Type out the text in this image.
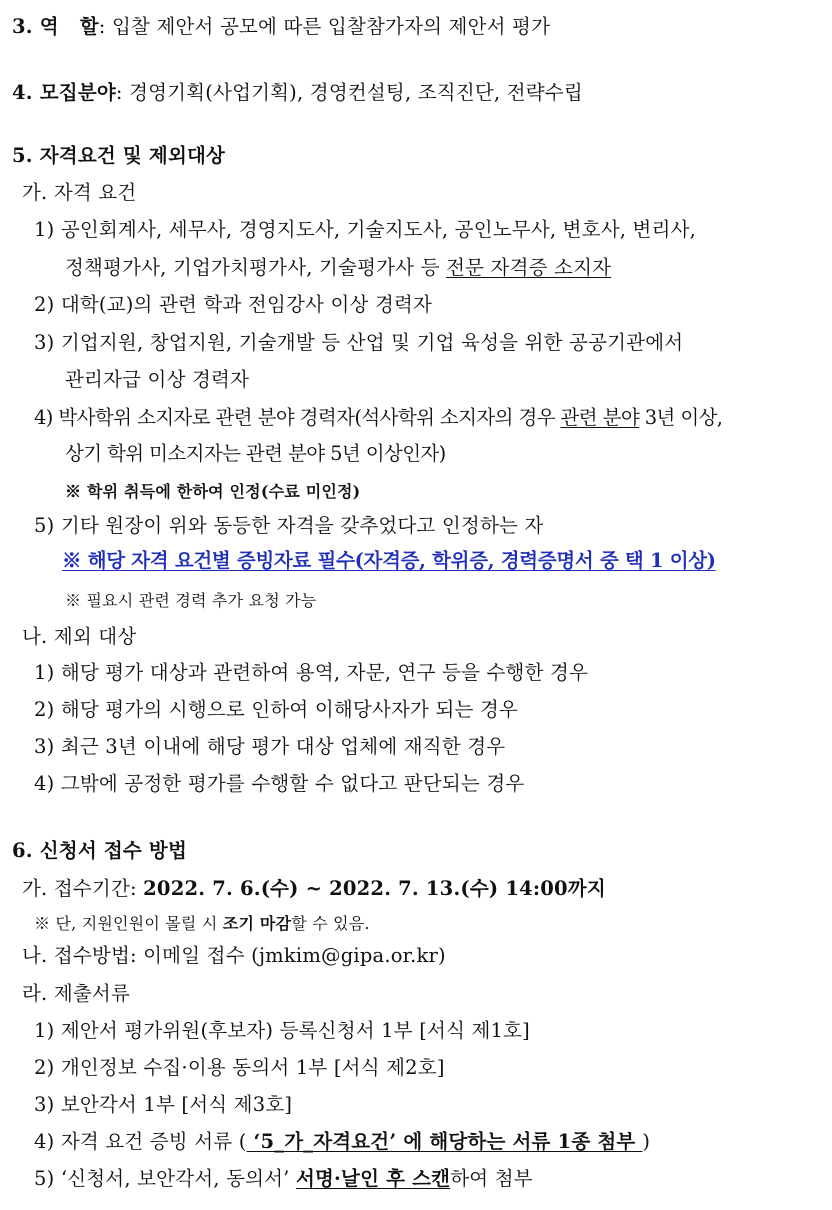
3. 역   할: 입찰 제안서 공모에 따른 입찰참가자의 제안서 평가
4. 모집분야: 경영기획(사업기획), 경영컨설팅, 조직진단, 전략수립
5. 자격요건 및 제외대상
가. 자격 요건
1) 공인회계사, 세무사, 경영지도사, 기술지도사, 공인노무사, 변호사, 변리사,
정책평가사, 기업가치평가사, 기술평가사 등 전문 자격증 소지자
2) 대학(교)의 관련 학과 전임강사 이상 경력자
3) 기업지원, 창업지원, 기술개발 등 산업 및 기업 육성을 위한 공공기관에서
관리자급 이상 경력자
4) 박사학위 소지자로 관련 분야 경력자(석사학위 소지자의 경우 관련 분야 3년 이상,
상기 학위 미소지자는 관련 분야 5년 이상인자)
※ 학위 취득에 한하여 인정(수료 미인정)
5) 기타 원장이 위와 동등한 자격을 갖추었다고 인정하는 자
※ 해당 자격 요건별 증빙자료 필수(자격증, 학위증, 경력증명서 중 택 1 이상)
※ 필요시 관련 경력 추가 요청 가능
나. 제외 대상
1) 해당 평가 대상과 관련하여 용역, 자문, 연구 등을 수행한 경우
2) 해당 평가의 시행으로 인하여 이해당사자가 되는 경우
3) 최근 3년 이내에 해당 평가 대상 업체에 재직한 경우
4) 그밖에 공정한 평가를 수행할 수 없다고 판단되는 경우
6. 신청서 접수 방법
가. 접수기간: 2022. 7. 6.(수) ~ 2022. 7. 13.(수) 14:00까지
※ 단, 지원인원이 몰릴 시 조기 마감할 수 있음.
나. 접수방법: 이메일 접수 (jmkim@gipa.or.kr)
라. 제출서류
1) 제안서 평가위원(후보자) 등록신청서 1부 [서식 제1호]
2) 개인정보 수집·이용 동의서 1부 [서식 제2호]
3) 보안각서 1부 [서식 제3호]
4) 자격 요건 증빙 서류 ( ‘5_가_자격요건’ 에 해당하는 서류 1종 첨부 )
5) ‘신청서, 보안각서, 동의서’ 서명·날인 후 스캔하여 첨부
